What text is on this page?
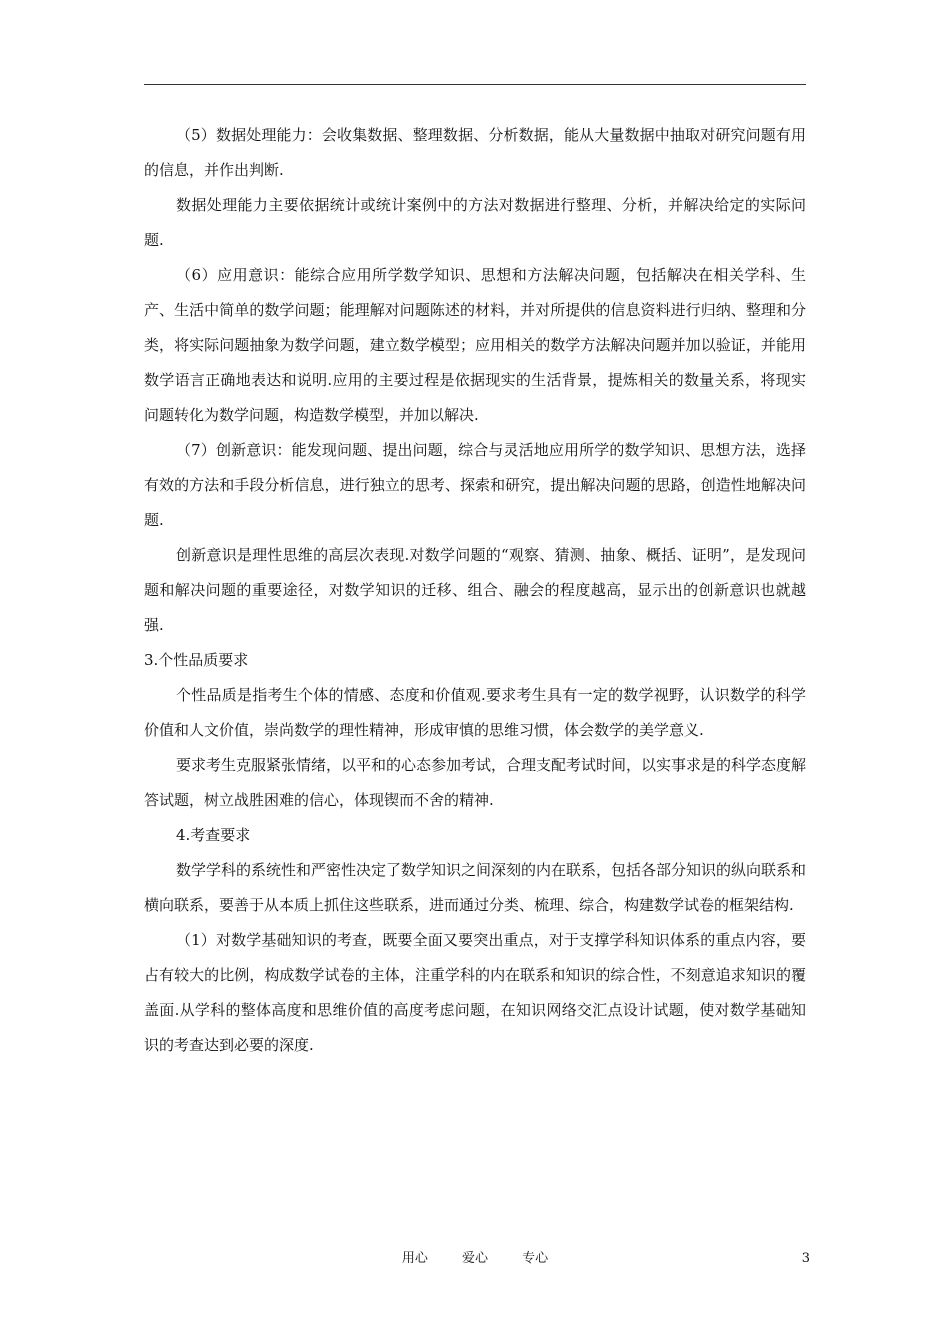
（5）数据处理能力：会收集数据、整理数据、分析数据，能从大量数据中抽取对研究问题有用的信息，并作出判断.

数据处理能力主要依据统计或统计案例中的方法对数据进行整理、分析，并解决给定的实际问题.

（6）应用意识：能综合应用所学数学知识、思想和方法解决问题，包括解决在相关学科、生产、生活中简单的数学问题；能理解对问题陈述的材料，并对所提供的信息资料进行归纳、整理和分类，将实际问题抽象为数学问题，建立数学模型；应用相关的数学方法解决问题并加以验证，并能用数学语言正确地表达和说明.应用的主要过程是依据现实的生活背景，提炼相关的数量关系，将现实问题转化为数学问题，构造数学模型，并加以解决.

（7）创新意识：能发现问题、提出问题，综合与灵活地应用所学的数学知识、思想方法，选择有效的方法和手段分析信息，进行独立的思考、探索和研究，提出解决问题的思路，创造性地解决问题.

创新意识是理性思维的高层次表现.对数学问题的“观察、猜测、抽象、概括、证明”，是发现问题和解决问题的重要途径，对数学知识的迁移、组合、融会的程度越高，显示出的创新意识也就越强.

3.个性品质要求

个性品质是指考生个体的情感、态度和价值观.要求考生具有一定的数学视野，认识数学的科学价值和人文价值，崇尚数学的理性精神，形成审慎的思维习惯，体会数学的美学意义.

要求考生克服紧张情绪，以平和的心态参加考试，合理支配考试时间，以实事求是的科学态度解答试题，树立战胜困难的信心，体现锲而不舍的精神.

4.考查要求

数学学科的系统性和严密性决定了数学知识之间深刻的内在联系，包括各部分知识的纵向联系和横向联系，要善于从本质上抓住这些联系，进而通过分类、梳理、综合，构建数学试卷的框架结构.

（1）对数学基础知识的考查，既要全面又要突出重点，对于支撑学科知识体系的重点内容，要占有较大的比例，构成数学试卷的主体，注重学科的内在联系和知识的综合性，不刻意追求知识的覆盖面.从学科的整体高度和思维价值的高度考虑问题，在知识网络交汇点设计试题，使对数学基础知识的考查达到必要的深度.

用心	爱心	专心	3
